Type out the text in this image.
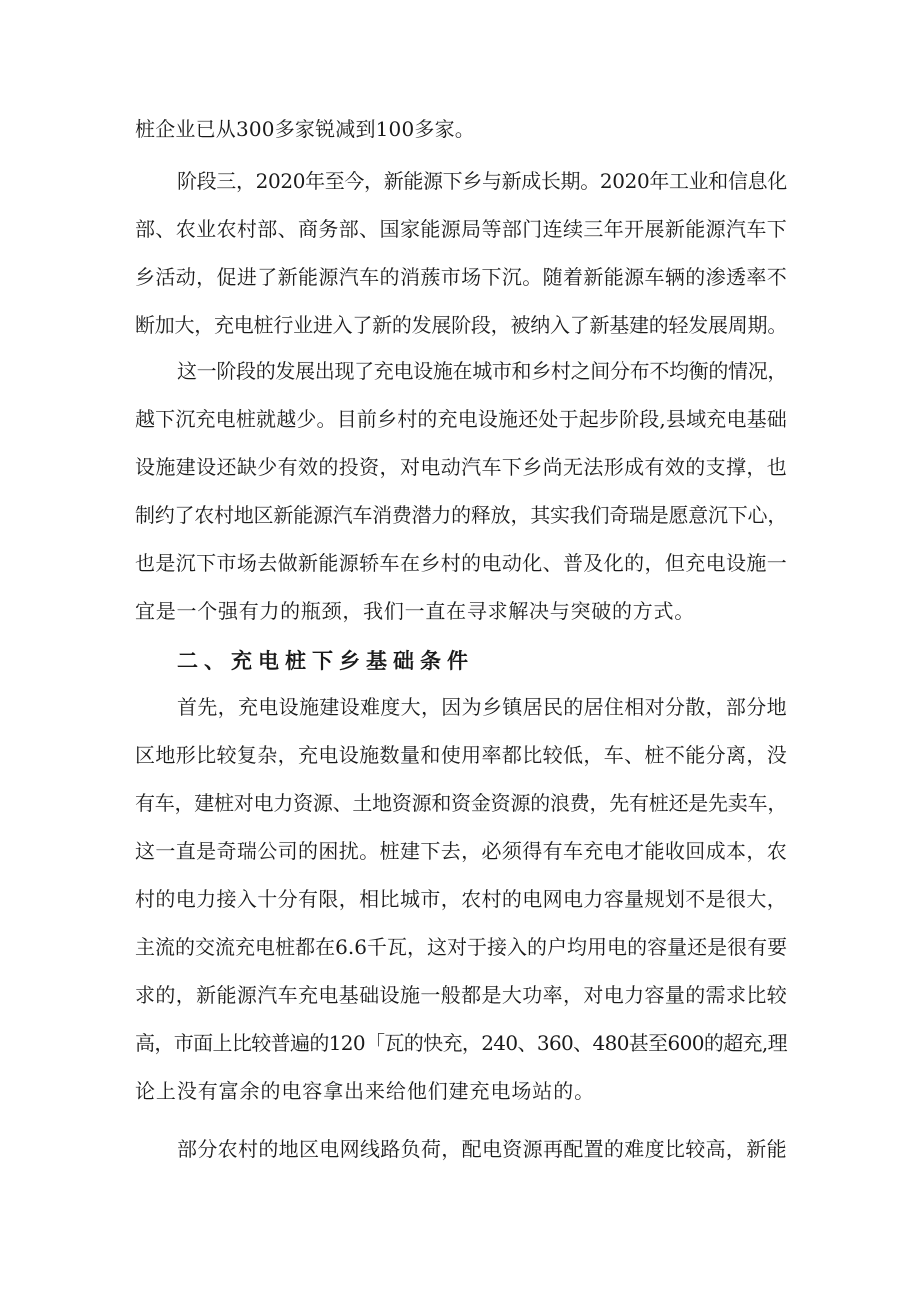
桩企业已从300多家锐减到100多家。
阶段三，2020年至今，新能源下乡与新成长期。2020年工业和信息化
部、农业农村部、商务部、国家能源局等部门连续三年开展新能源汽车下
乡活动，促进了新能源汽车的消蔟市场下沉。随着新能源车辆的渗透率不
断加大，充电桩行业进入了新的发展阶段，被纳入了新基建的轻发展周期。
这一阶段的发展出现了充电设施在城市和乡村之间分布不均衡的情况，
越下沉充电桩就越少。目前乡村的充电设施还处于起步阶段,县域充电基础
设施建设还缺少有效的投资，对电动汽车下乡尚无法形成有效的支撑，也
制约了农村地区新能源汽车消费潜力的释放，其实我们奇瑞是愿意沉下心，
也是沉下市场去做新能源轿车在乡村的电动化、普及化的，但充电设施一
宜是一个强有力的瓶颈，我们一直在寻求解决与突破的方式。
二、充电桩下乡基础条件
首先，充电设施建设难度大，因为乡镇居民的居住相对分散，部分地
区地形比较复杂，充电设施数量和使用率都比较低，车、桩不能分离，没
有车，建桩对电力资源、土地资源和资金资源的浪费，先有桩还是先卖车，
这一直是奇瑞公司的困扰。桩建下去，必须得有车充电才能收回成本，农
村的电力接入十分有限，相比城市，农村的电网电力容量规划不是很大，
主流的交流充电桩都在6.6千瓦，这对于接入的户均用电的容量还是很有要
求的，新能源汽车充电基础设施一般都是大功率，对电力容量的需求比较
高，市面上比较普遍的120「瓦的快充，240、360、480甚至600的超充,理
论上没有富余的电容拿出来给他们建充电场站的。
部分农村的地区电网线路负荷，配电资源再配置的难度比较高，新能
